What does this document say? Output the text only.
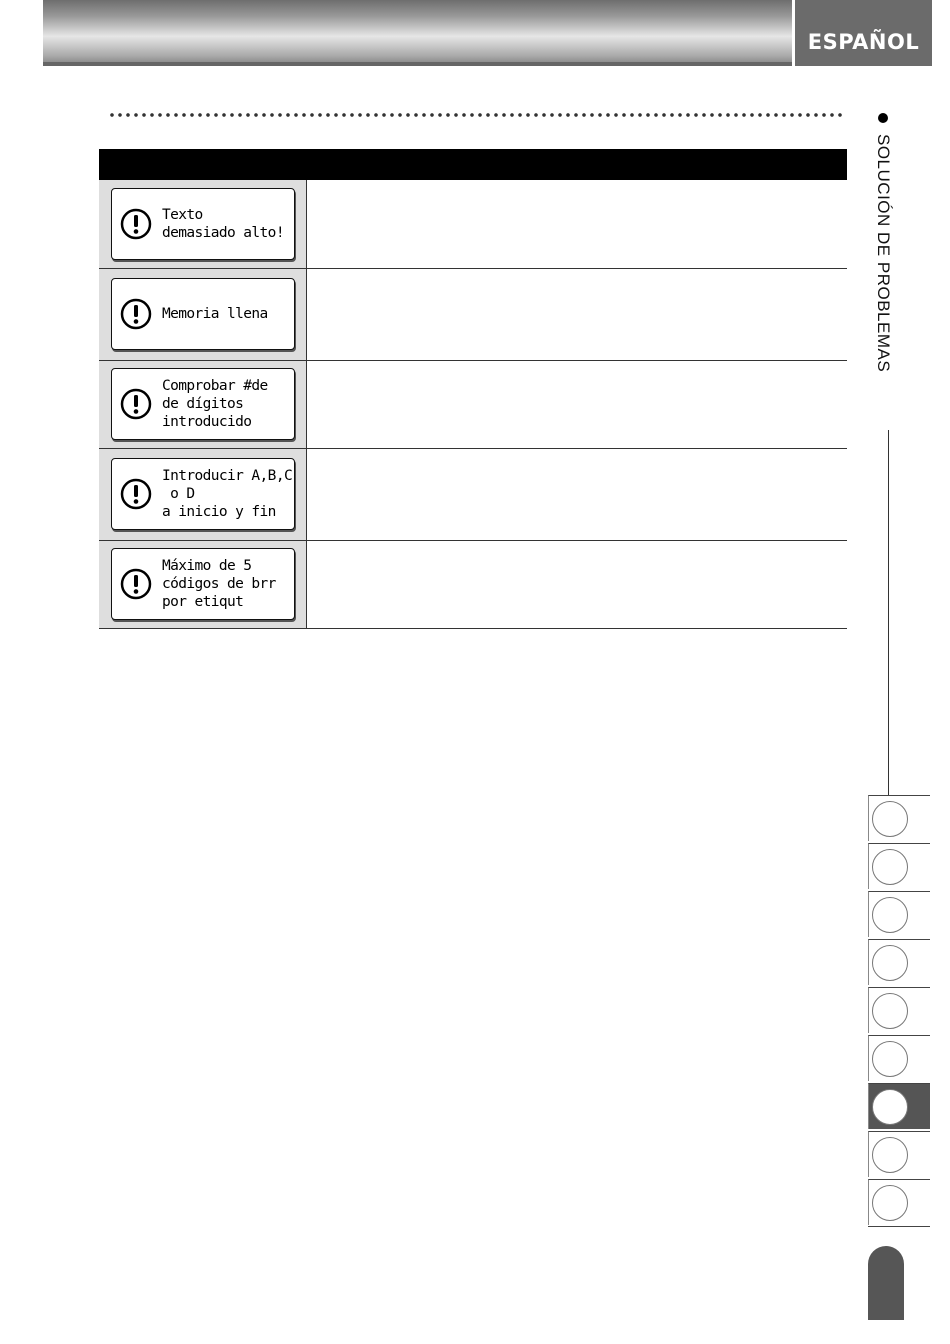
ESPAÑOL

Texto
demasiado alto!	

Memoria llena	

Comprobar #de
de dígitos
introducido	

Introducir A,B,C
o D
a inicio y fin	

Máximo de 5
códigos de brr
por etiqut	

SOLUCIÓN DE PROBLEMAS
